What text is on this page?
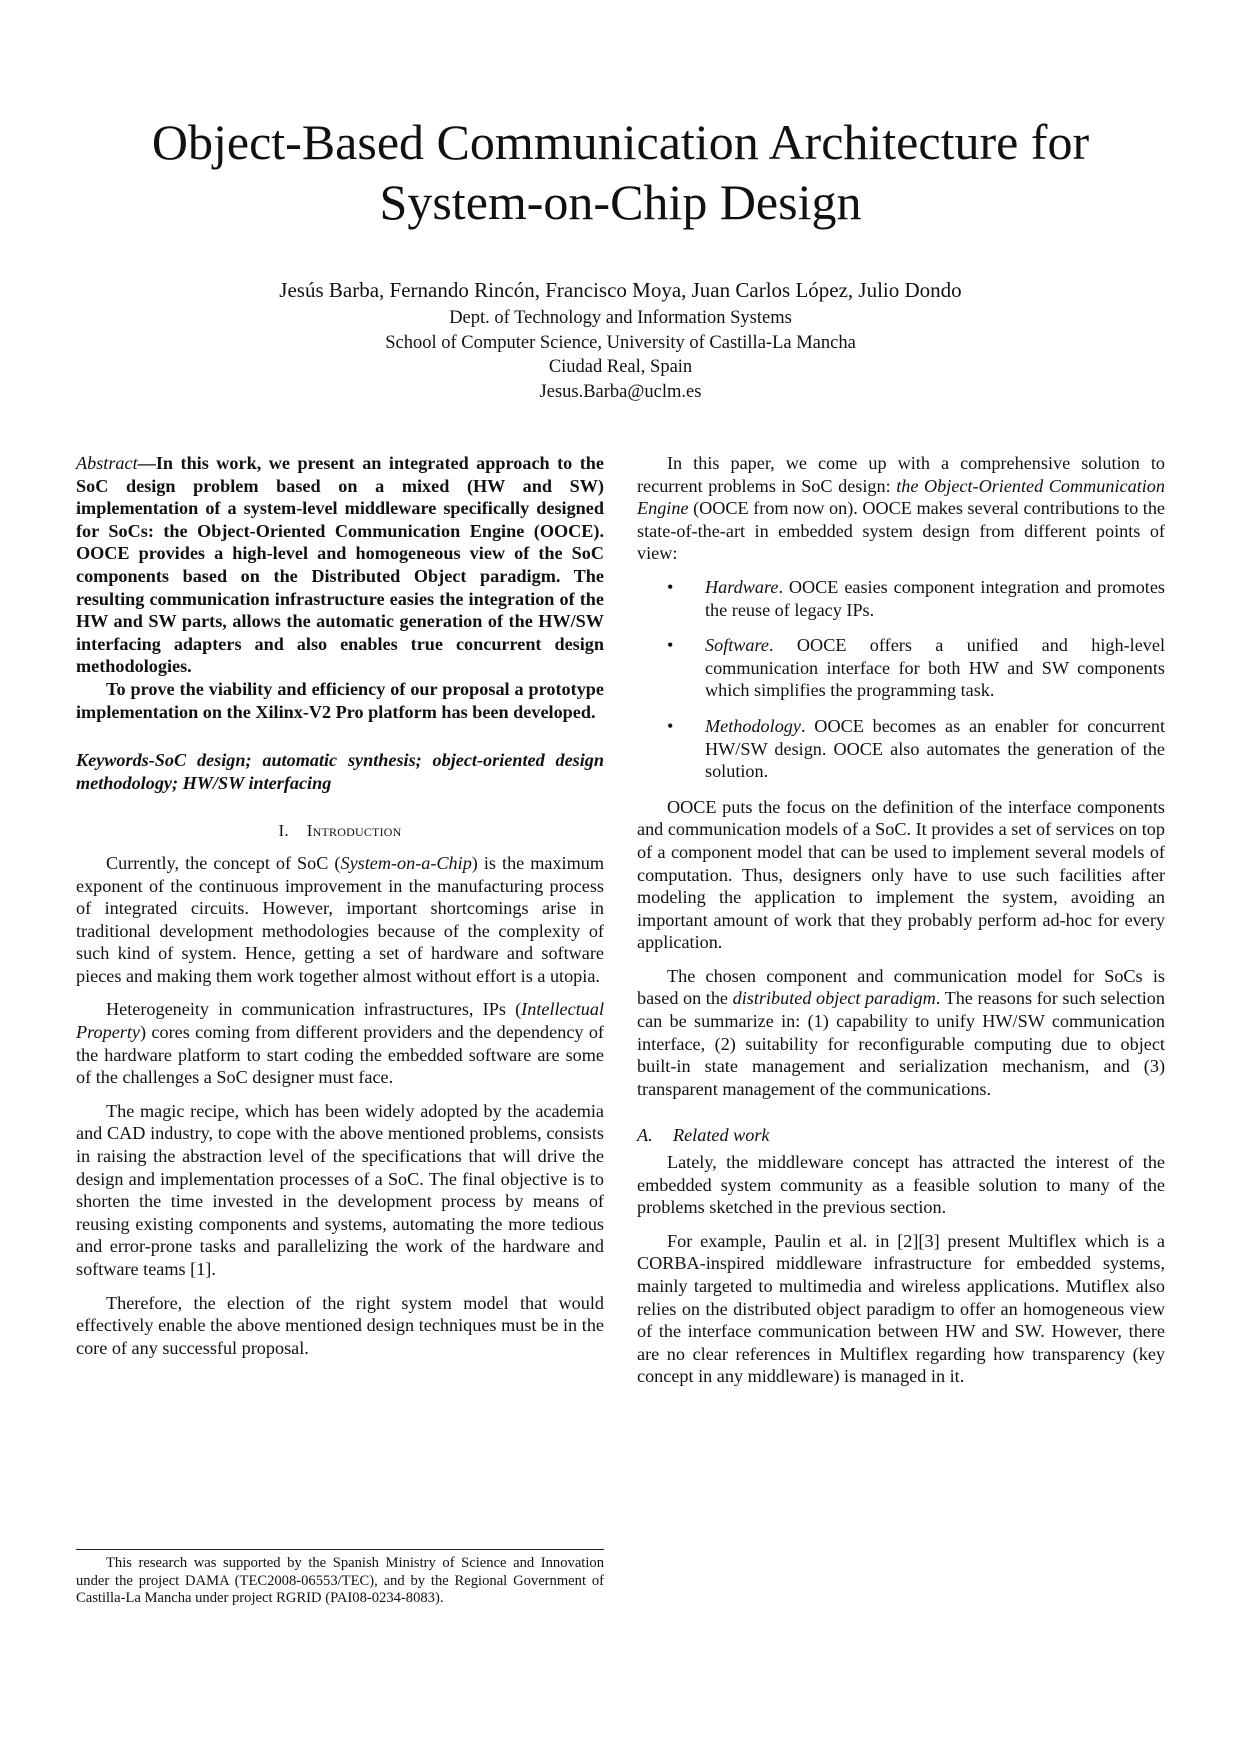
Object-Based Communication Architecture for
System-on-Chip Design
Jesús Barba, Fernando Rincón, Francisco Moya, Juan Carlos López, Julio Dondo
Dept. of Technology and Information Systems
School of Computer Science, University of Castilla-La Mancha
Ciudad Real, Spain
Jesus.Barba@uclm.es

Abstract—In this work, we present an integrated approach to the SoC design problem based on a mixed (HW and SW) implementation of a system-level middleware specifically designed for SoCs: the Object-Oriented Communication Engine (OOCE). OOCE provides a high-level and homogeneous view of the SoC components based on the Distributed Object paradigm. The resulting communication infrastructure easies the integration of the HW and SW parts, allows the automatic generation of the HW/SW interfacing adapters and also enables true concurrent design methodologies.

To prove the viability and efficiency of our proposal a prototype implementation on the Xilinx-V2 Pro platform has been developed.

Keywords-SoC design; automatic synthesis; object-oriented design methodology; HW/SW interfacing

I. Introduction

Currently, the concept of SoC (System-on-a-Chip) is the maximum exponent of the continuous improvement in the manufacturing process of integrated circuits. However, important shortcomings arise in traditional development methodologies because of the complexity of such kind of system. Hence, getting a set of hardware and software pieces and making them work together almost without effort is a utopia.

Heterogeneity in communication infrastructures, IPs (Intellectual Property) cores coming from different providers and the dependency of the hardware platform to start coding the embedded software are some of the challenges a SoC designer must face.

The magic recipe, which has been widely adopted by the academia and CAD industry, to cope with the above mentioned problems, consists in raising the abstraction level of the specifications that will drive the design and implementation processes of a SoC. The final objective is to shorten the time invested in the development process by means of reusing existing components and systems, automating the more tedious and error-prone tasks and parallelizing the work of the hardware and software teams [1].

Therefore, the election of the right system model that would effectively enable the above mentioned design techniques must be in the core of any successful proposal.

In this paper, we come up with a comprehensive solution to recurrent problems in SoC design: the Object-Oriented Communication Engine (OOCE from now on). OOCE makes several contributions to the state-of-the-art in embedded system design from different points of view:

• Hardware. OOCE easies component integration and promotes the reuse of legacy IPs.
• Software. OOCE offers a unified and high-level communication interface for both HW and SW components which simplifies the programming task.
• Methodology. OOCE becomes as an enabler for concurrent HW/SW design. OOCE also automates the generation of the solution.

OOCE puts the focus on the definition of the interface components and communication models of a SoC. It provides a set of services on top of a component model that can be used to implement several models of computation. Thus, designers only have to use such facilities after modeling the application to implement the system, avoiding an important amount of work that they probably perform ad-hoc for every application.

The chosen component and communication model for SoCs is based on the distributed object paradigm. The reasons for such selection can be summarize in: (1) capability to unify HW/SW communication interface, (2) suitability for reconfigurable computing due to object built-in state management and serialization mechanism, and (3) transparent management of the communications.

A. Related work

Lately, the middleware concept has attracted the interest of the embedded system community as a feasible solution to many of the problems sketched in the previous section.

For example, Paulin et al. in [2][3] present Multiflex which is a CORBA-inspired middleware infrastructure for embedded systems, mainly targeted to multimedia and wireless applications. Mutiflex also relies on the distributed object paradigm to offer an homogeneous view of the interface communication between HW and SW. However, there are no clear references in Multiflex regarding how transparency (key concept in any middleware) is managed in it.

This research was supported by the Spanish Ministry of Science and Innovation under the project DAMA (TEC2008-06553/TEC), and by the Regional Government of Castilla-La Mancha under project RGRID (PAI08-0234-8083).
